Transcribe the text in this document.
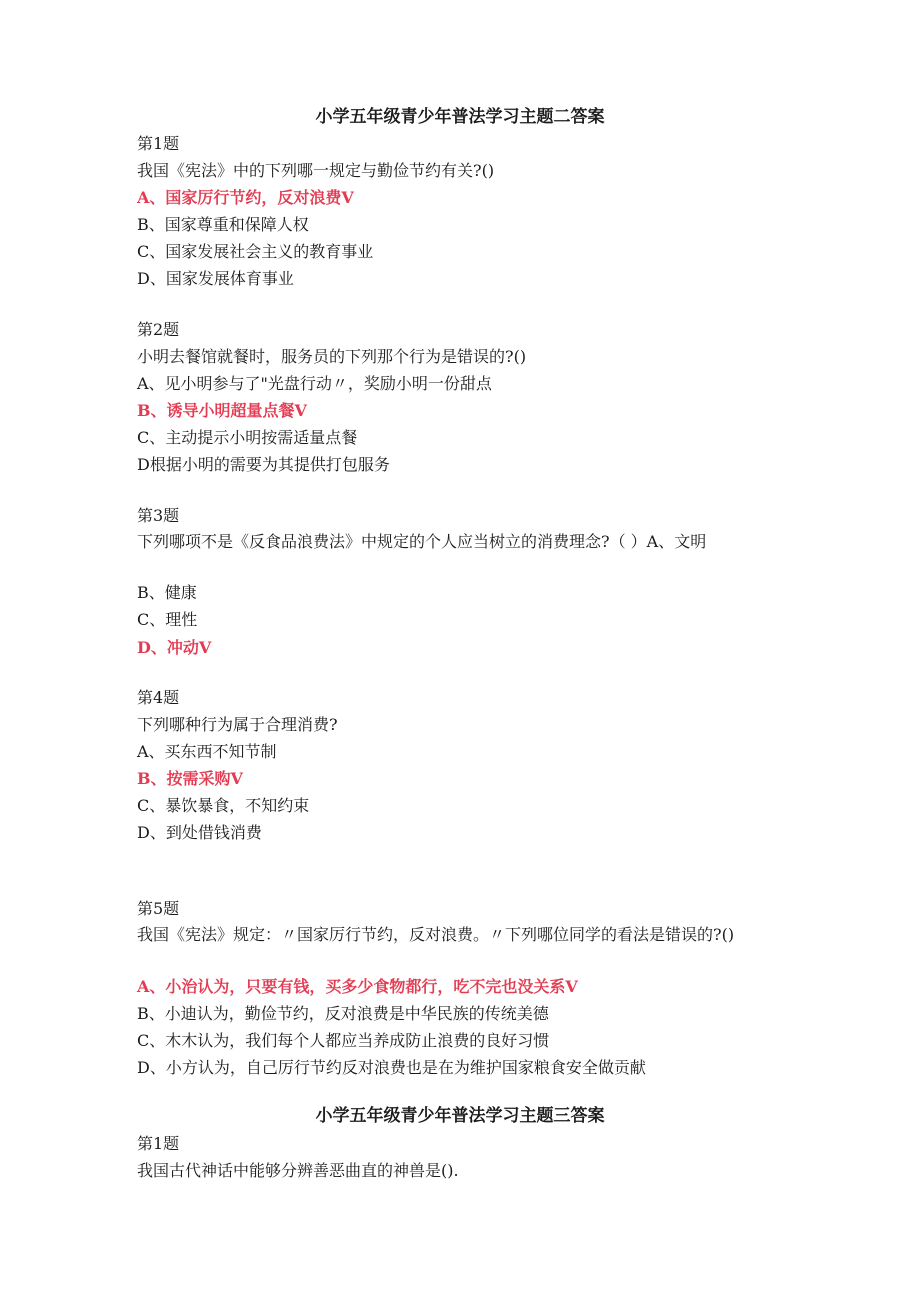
小学五年级青少年普法学习主题二答案
第1题
我国《宪法》中的下列哪一规定与勤俭节约有关?()
A、国家厉行节约，反对浪费V
B、国家尊重和保障人权
C、国家发展社会主义的教育事业
D、国家发展体育事业
第2题
小明去餐馆就餐时，服务员的下列那个行为是错误的?()
A、见小明参与了"光盘行动〃，奖励小明一份甜点
B、诱导小明超量点餐V
C、主动提示小明按需适量点餐
D根据小明的需要为其提供打包服务
第3题
下列哪项不是《反食品浪费法》中规定的个人应当树立的消费理念?（ ）A、文明
B、健康
C、理性
D、冲动V
第4题
下列哪种行为属于合理消费?
A、买东西不知节制
B、按需采购V
C、暴饮暴食，不知约束
D、到处借钱消费
第5题
我国《宪法》规定：〃国家厉行节约，反对浪费。〃下列哪位同学的看法是错误的?()
A、小治认为，只要有钱，买多少食物都行，吃不完也没关系V
B、小迪认为，勤俭节约，反对浪费是中华民族的传统美德
C、木木认为，我们每个人都应当养成防止浪费的良好习惯
D、小方认为，自己厉行节约反对浪费也是在为维护国家粮食安全做贡献
小学五年级青少年普法学习主题三答案
第1题
我国古代神话中能够分辨善恶曲直的神兽是().
